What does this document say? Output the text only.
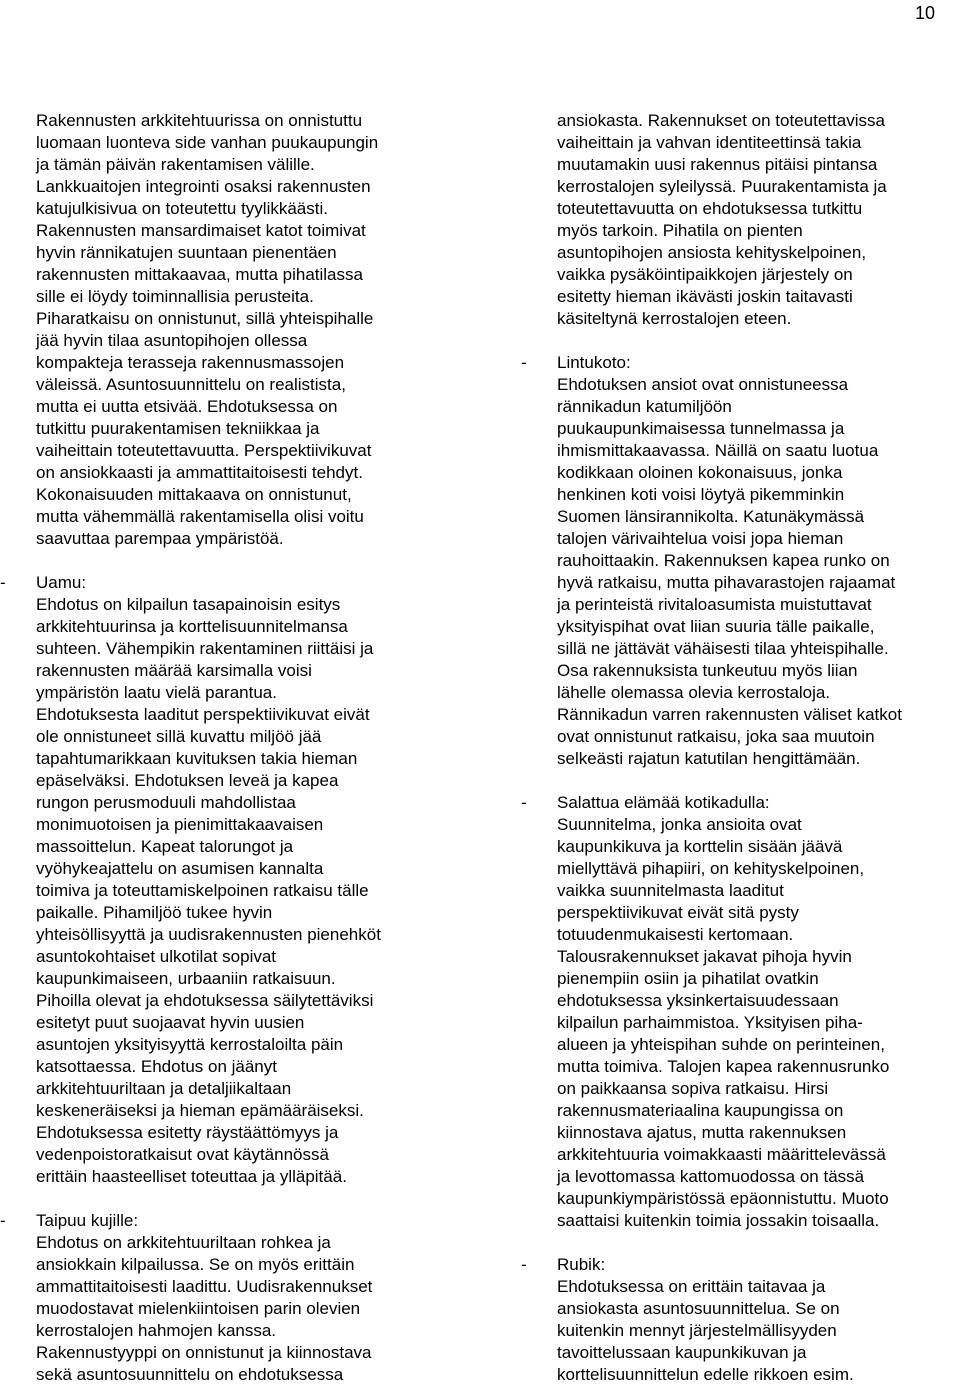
10
Rakennusten arkkitehtuurissa on onnistuttu
luomaan luonteva side vanhan puukaupungin
ja tämän päivän rakentamisen välille.
Lankkuaitojen integrointi osaksi rakennusten
katujulkisivua on toteutettu tyylikkäästi.
Rakennusten mansardimaiset katot toimivat
hyvin rännikatujen suuntaan pienentäen
rakennusten mittakaavaa, mutta pihatilassa
sille ei löydy toiminnallisia perusteita.
Piharatkaisu on onnistunut, sillä yhteispihalle
jää hyvin tilaa asuntopihojen ollessa
kompakteja terasseja rakennusmassojen
väleissä. Asuntosuunnittelu on realistista,
mutta ei uutta etsivää. Ehdotuksessa on
tutkittu puurakentamisen tekniikkaa ja
vaiheittain toteutettavuutta. Perspektiivikuvat
on ansiokkaasti ja ammattitaitoisesti tehdyt.
Kokonaisuuden mittakaava on onnistunut,
mutta vähemmällä rakentamisella olisi voitu
saavuttaa parempaa ympäristöä.
- Uamu:
Ehdotus on kilpailun tasapainoisin esitys
arkkitehtuurinsa ja korttelisuunnitelmansa
suhteen. Vähempikin rakentaminen riittäisi ja
rakennusten määrää karsimalla voisi
ympäristön laatu vielä parantua.
Ehdotuksesta laaditut perspektiivikuvat eivät
ole onnistuneet sillä kuvattu miljöö jää
tapahtumarikkaan kuvituksen takia hieman
epäselväksi. Ehdotuksen leveä ja kapea
rungon perusmoduuli mahdollistaa
monimuotoisen ja pienimittakaavaisen
massoittelun. Kapeat talorungot ja
vyöhykeajattelu on asumisen kannalta
toimiva ja toteuttamiskelpoinen ratkaisu tälle
paikalle. Pihamiljöö tukee hyvin
yhteisöllisyyttä ja uudisrakennusten pienehköt
asuntokohtaiset ulkotilat sopivat
kaupunkimaiseen, urbaaniin ratkaisuun.
Pihoilla olevat ja ehdotuksessa säilytettäviksi
esitetyt puut suojaavat hyvin uusien
asuntojen yksityisyyttä kerrostaloilta päin
katsottaessa. Ehdotus on jäänyt
arkkitehtuuriltaan ja detaljiikaltaan
keskeneräiseksi ja hieman epämääräiseksi.
Ehdotuksessa esitetty räystäättömyys ja
vedenpoistoratkaisut ovat käytännössä
erittäin haasteelliset toteuttaa ja ylläpitää.
- Taipuu kujille:
Ehdotus on arkkitehtuuriltaan rohkea ja
ansiokkain kilpailussa. Se on myös erittäin
ammattitaitoisesti laadittu. Uudisrakennukset
muodostavat mielenkiintoisen parin olevien
kerrostalojen hahmojen kanssa.
Rakennustyyppi on onnistunut ja kiinnostava
sekä asuntosuunnittelu on ehdotuksessa
ansiokasta. Rakennukset on toteutettavissa
vaiheittain ja vahvan identiteettinsä takia
muutamakin uusi rakennus pitäisi pintansa
kerrostalojen syleilyssä. Puurakentamista ja
toteutettavuutta on ehdotuksessa tutkittu
myös tarkoin. Pihatila on pienten
asuntopihojen ansiosta kehityskelpoinen,
vaikka pysäköintipaikkojen järjestely on
esitetty hieman ikävästi joskin taitavasti
käsiteltynä kerrostalojen eteen.
- Lintukoto:
Ehdotuksen ansiot ovat onnistuneessa
rännikadun katumiljöön
puukaupunkimaisessa tunnelmassa ja
ihmismittakaavassa. Näillä on saatu luotua
kodikkaan oloinen kokonaisuus, jonka
henkinen koti voisi löytyä pikemminkin
Suomen länsirannikolta. Katunäkymässä
talojen värivaihtelua voisi jopa hieman
rauhoittaakin. Rakennuksen kapea runko on
hyvä ratkaisu, mutta pihavarastojen rajaamat
ja perinteistä rivitaloasumista muistuttavat
yksityispihat ovat liian suuria tälle paikalle,
sillä ne jättävät vähäisesti tilaa yhteispihalle.
Osa rakennuksista tunkeutuu myös liian
lähelle olemassa olevia kerrostaloja.
Rännikadun varren rakennusten väliset katkot
ovat onnistunut ratkaisu, joka saa muutoin
selkeästi rajatun katutilan hengittämään.
- Salattua elämää kotikadulla:
Suunnitelma, jonka ansioita ovat
kaupunkikuva ja korttelin sisään jäävä
miellyttävä pihapiiri, on kehityskelpoinen,
vaikka suunnitelmasta laaditut
perspektiivikuvat eivät sitä pysty
totuudenmukaisesti kertomaan.
Talousrakennukset jakavat pihoja hyvin
pienempiin osiin ja pihatilat ovatkin
ehdotuksessa yksinkertaisuudessaan
kilpailun parhaimmistoa. Yksityisen piha-
alueen ja yhteispihan suhde on perinteinen,
mutta toimiva. Talojen kapea rakennusrunko
on paikkaansa sopiva ratkaisu. Hirsi
rakennusmateriaalina kaupungissa on
kiinnostava ajatus, mutta rakennuksen
arkkitehtuuria voimakkaasti määrittelevässä
ja levottomassa kattomuodossa on tässä
kaupunkiympäristössä epäonnistuttu. Muoto
saattaisi kuitenkin toimia jossakin toisaalla.
- Rubik:
Ehdotuksessa on erittäin taitavaa ja
ansiokasta asuntosuunnittelua. Se on
kuitenkin mennyt järjestelmällisyyden
tavoittelussaan kaupunkikuvan ja
korttelisuunnittelun edelle rikkoen esim.
